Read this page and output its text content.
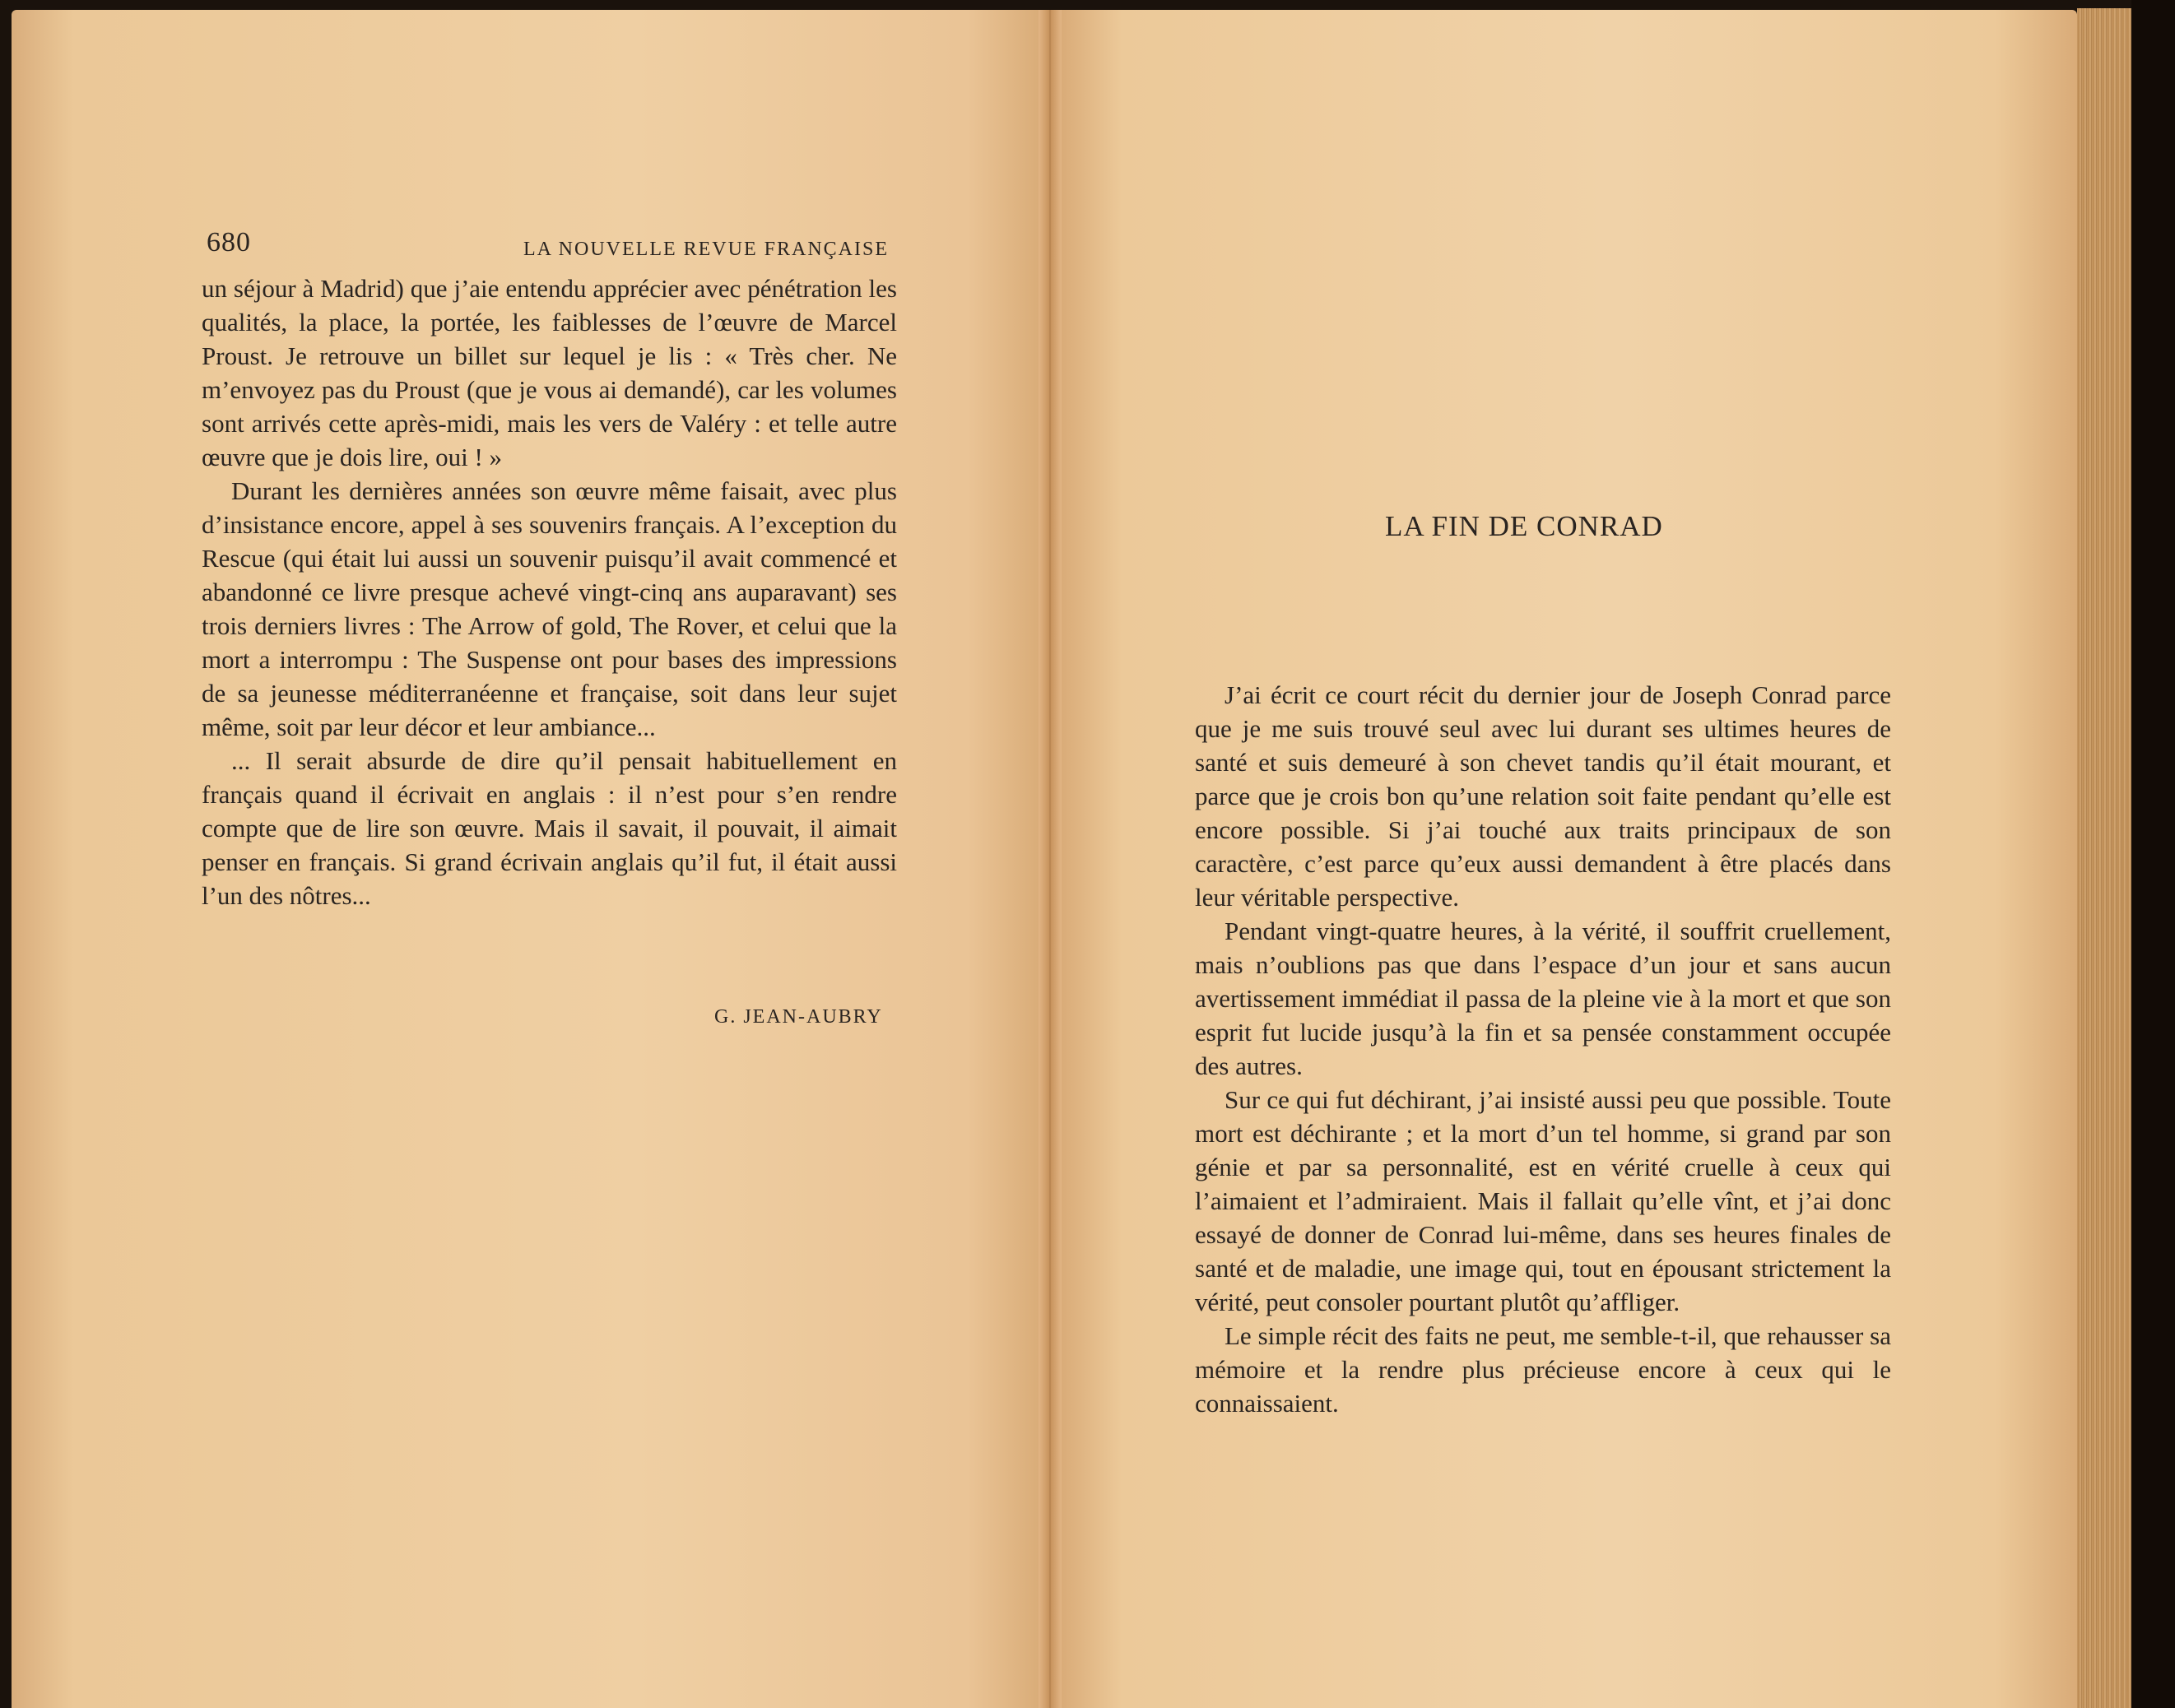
680	LA NOUVELLE REVUE FRANÇAISE

un séjour à Madrid) que j’aie entendu apprécier avec pénétration les qualités, la place, la portée, les faiblesses de l’œuvre de Marcel Proust. Je retrouve un billet sur lequel je lis : « Très cher. Ne m’envoyez pas du Proust (que je vous ai demandé), car les volumes sont arrivés cette après-midi, mais les vers de Valéry : et telle autre œuvre que je dois lire, oui ! »

Durant les dernières années son œuvre même faisait, avec plus d’insistance encore, appel à ses souvenirs français. A l’exception du Rescue (qui était lui aussi un souvenir puisqu’il avait commencé et abandonné ce livre presque achevé vingt-cinq ans auparavant) ses trois derniers livres : The Arrow of gold, The Rover, et celui que la mort a interrompu : The Suspense ont pour bases des impressions de sa jeunesse méditerranéenne et française, soit dans leur sujet même, soit par leur décor et leur ambiance...

... Il serait absurde de dire qu’il pensait habituellement en français quand il écrivait en anglais : il n’est pour s’en rendre compte que de lire son œuvre. Mais il savait, il pouvait, il aimait penser en français. Si grand écrivain anglais qu’il fut, il était aussi l’un des nôtres...

G. JEAN-AUBRY
LA FIN DE CONRAD

J’ai écrit ce court récit du dernier jour de Joseph Conrad parce que je me suis trouvé seul avec lui durant ses ultimes heures de santé et suis demeuré à son chevet tandis qu’il était mourant, et parce que je crois bon qu’une relation soit faite pendant qu’elle est encore possible. Si j’ai touché aux traits principaux de son caractère, c’est parce qu’eux aussi demandent à être placés dans leur véritable perspective.

Pendant vingt-quatre heures, à la vérité, il souffrit cruellement, mais n’oublions pas que dans l’espace d’un jour et sans aucun avertissement immédiat il passa de la pleine vie à la mort et que son esprit fut lucide jusqu’à la fin et sa pensée constamment occupée des autres.

Sur ce qui fut déchirant, j’ai insisté aussi peu que possible. Toute mort est déchirante ; et la mort d’un tel homme, si grand par son génie et par sa personnalité, est en vérité cruelle à ceux qui l’aimaient et l’admiraient. Mais il fallait qu’elle vînt, et j’ai donc essayé de donner de Conrad lui-même, dans ses heures finales de santé et de maladie, une image qui, tout en épousant strictement la vérité, peut consoler pourtant plutôt qu’affliger.

Le simple récit des faits ne peut, me semble-t-il, que rehausser sa mémoire et la rendre plus précieuse encore à ceux qui le connaissaient.
